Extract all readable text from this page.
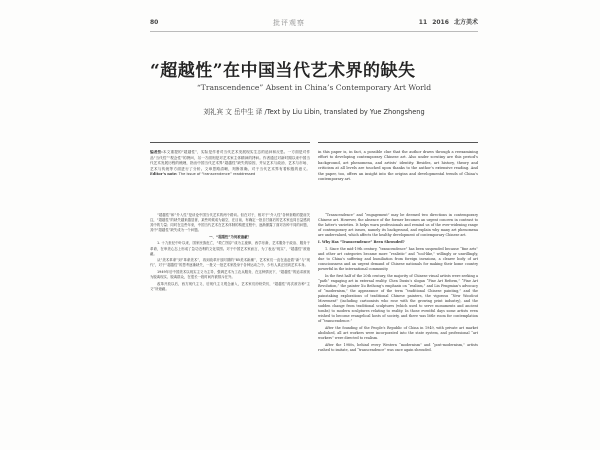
80	批评观察	11 2016 北方美术
“超越性”在中国当代艺术界的缺失
“Transcendence” Absent in China’s Contemporary Art World
刘礼宾 文 岳中生 译 /Text by Liu Libin, translated by Yue Zhongsheng
编者按:本文重提的“超越性”，实际是作者对当代艺术发展现实生态的追问和反思。一方面是对作品“当代性”“观念性”的拷问，另一方面则是对艺术家主体精神的拷问。作者通过对新时期以来中国当代艺术发展历程的梳理，指出中国当代艺术界“超越性”缺失的原因，并从艺术与政治、艺术与市场、艺术与传统等方面进行了分析。文章思路清晰，判断准确，对于当代艺术界有着积极的意义。 Editor’s note: The issue of “transcendence” readdressed
in this paper is, in fact, a possible clue that the author draws through a reexamining effort to developing contemporary Chinese art. Also under scrutiny are this period’s background, art phenomena, and artists’ identity. Besides, art history, theory and criticism at all levels are touched upon thanks to the author’s extensive reading. And the paper, too, offers an insight into the origins and developmental trends of China’s contemporary art.

“超越性”和“介入性”是谈论中国当代艺术的两个路向。但在对于，相对于“介入性”各种套路的提前关注，“超越性”的缺失越来越显著，某些时候成为悬空，在目前，有确定一批自甘落后的艺术家也同日益感到其中的力量；同时在这些年来，中国当代艺术在艺术体制的构建过程中，逐渐暴露了面对各种不同的问题，其中“超越性”缺失成为一个问题。

一、“超越性”为何被遮蔽？

1. 十九世纪中叶以来，国家民族危亡，“救亡图存”成为主旋律，西学东渐，艺术服务于政治、服务于革命，在审美心态上形成了急功近利的文化氛围。对于中国艺术家而言，为了表达“现实”，“超越性”被遮蔽。

从“美术革命”到“革命美术”，再到改革开放时期的“85美术新潮”，艺术家们一直在追赶着“新”与“现代”，对于“超越性”的思考逐渐缺失，一批又一批艺术家投身于各种运动之中，少有人真正回到艺术本身。

1949年后中国美术以现实主义为主导，强调艺术为工农兵服务，在这种情况下，“超越性”的追求被视为脱离现实、脱离群众，在很长一段时间内被排斥在外。

改革开放以后，西方现代主义、后现代主义观念涌入，艺术家们纷纷效仿，“超越性”再次被各种“主义”所遮蔽。

“Transcendence” and “engagement” may be deemed two directions in contemporary Chinese art. However, the absence of the former becomes an urgent concern in contrast to the latter’s varieties. It helps warn professionals and remind us of the ever-widening range of contemporary art issues, namely its background, and explain why many art phenomena are undervalued, which affects the healthy development of contemporary Chinese art.

I. Why Has “Transcendence” Been Shrouded?

1. Since the mid-19th century, “transcendence” has been suspended because “fine arts” and other art categories became more “realistic” and “tool-like,” willingly or unwillingly, due to China’s suffering and humiliation from foreign invasions, a clearer body of art consciousness and an urgent demand of Chinese nationals for making their home country powerful in the international community.

In the first half of the 20th century, the majority of Chinese visual artists were seeking a “path” engaging art in external reality. Chen Duxiu’s slogan “Fine Art Reform,” “Fine Art Revolution,” the painter Xu Beihong’s emphasis on “realism,” and Lin Fengmian’s advocacy of “modernism,” the appearance of the term “traditional Chinese painting,” and the painstaking explorations of traditional Chinese painters, the vigorous “New Woodcut Movement” (including cartoonists who rose with the growing print industry), and the sudden change from traditional sculptures (which used to serve monuments and ancient tombs) to modern sculptures relating to reality. In those eventful days some artists even wished to become evangelical hosts of society, and there was little room for contemplation of “transcendence.”

After the founding of the People’s Republic of China in 1949, with private art market abolished, all art workers were incorporated into the state system, and professional “art workers” were directed to realism.

After the 1980s, behind every Western “modernism” and “post-modernism,” artists rushed to imitate, and “transcendence” was once again shrouded.
